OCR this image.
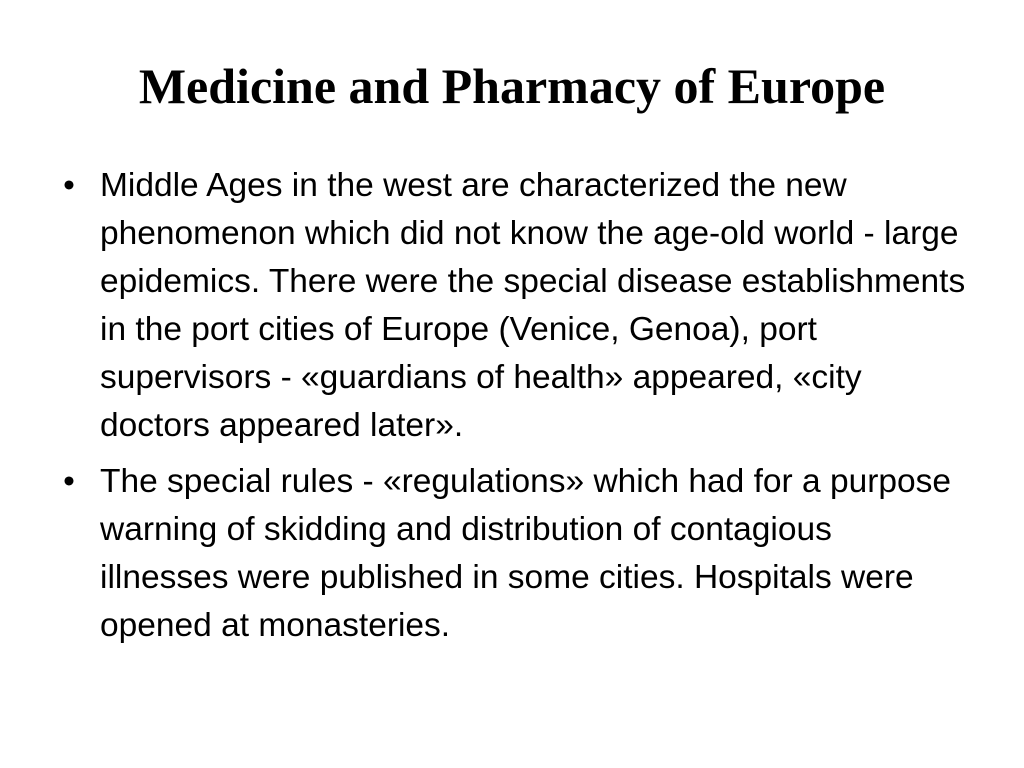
Medicine and Pharmacy of Europe
• Middle Ages in the west are characterized the new phenomenon which did not know the age-old world - large epidemics. There were the special disease establishments in the port cities of Europe (Venice, Genoa), port supervisors - «guardians of health» appeared, «city doctors appeared later».
• The special rules - «regulations» which had for a purpose warning of skidding and distribution of contagious illnesses were published in some cities. Hospitals were opened at monasteries.
